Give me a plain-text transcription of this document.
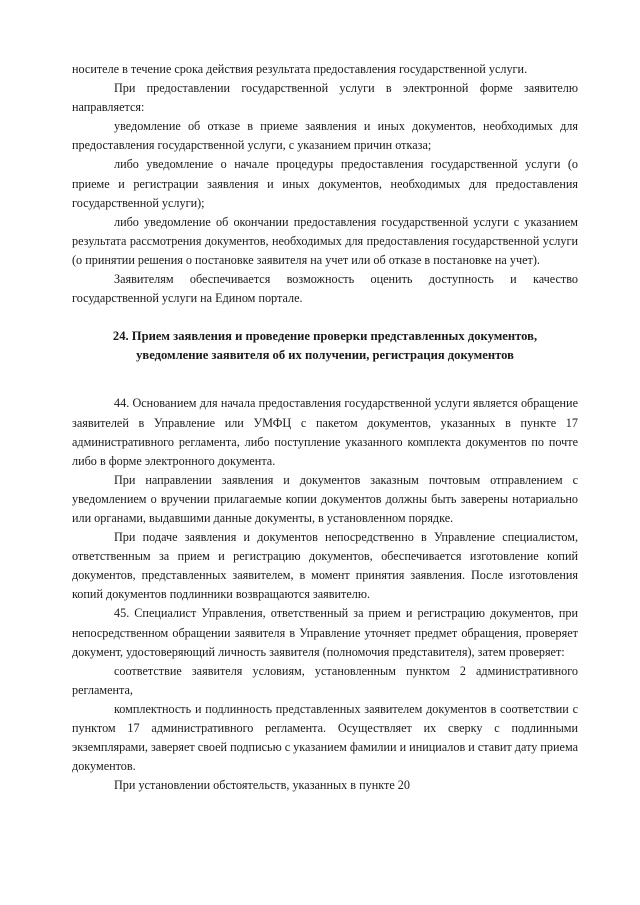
носителе в течение срока действия результата предоставления государственной услуги.

При предоставлении государственной услуги в электронной форме заявителю направляется:

уведомление об отказе в приеме заявления и иных документов, необходимых для предоставления государственной услуги, с указанием причин отказа;

либо уведомление о начале процедуры предоставления государственной услуги (о приеме и регистрации заявления и иных документов, необходимых для предоставления государственной услуги);

либо уведомление об окончании предоставления государственной услуги с указанием результата рассмотрения документов, необходимых для предоставления государственной услуги (о принятии решения о постановке заявителя на учет или об отказе в постановке на учет).

Заявителям обеспечивается возможность оценить доступность и качество государственной услуги на Едином портале.

24. Прием заявления и проведение проверки представленных документов, уведомление заявителя об их получении, регистрация документов

44. Основанием для начала предоставления государственной услуги является обращение заявителей в Управление или УМФЦ с пакетом документов, указанных в пункте 17 административного регламента, либо поступление указанного комплекта документов по почте либо в форме электронного документа.

При направлении заявления и документов заказным почтовым отправлением с уведомлением о вручении прилагаемые копии документов должны быть заверены нотариально или органами, выдавшими данные документы, в установленном порядке.

При подаче заявления и документов непосредственно в Управление специалистом, ответственным за прием и регистрацию документов, обеспечивается изготовление копий документов, представленных заявителем, в момент принятия заявления. После изготовления копий документов подлинники возвращаются заявителю.

45. Специалист Управления, ответственный за прием и регистрацию документов, при непосредственном обращении заявителя в Управление уточняет предмет обращения, проверяет документ, удостоверяющий личность заявителя (полномочия представителя), затем проверяет:

соответствие заявителя условиям, установленным пунктом 2 административного регламента,

комплектность и подлинность представленных заявителем документов в соответствии с пунктом 17 административного регламента. Осуществляет их сверку с подлинными экземплярами, заверяет своей подписью с указанием фамилии и инициалов и ставит дату приема документов.

При установлении обстоятельств, указанных в пункте 20
